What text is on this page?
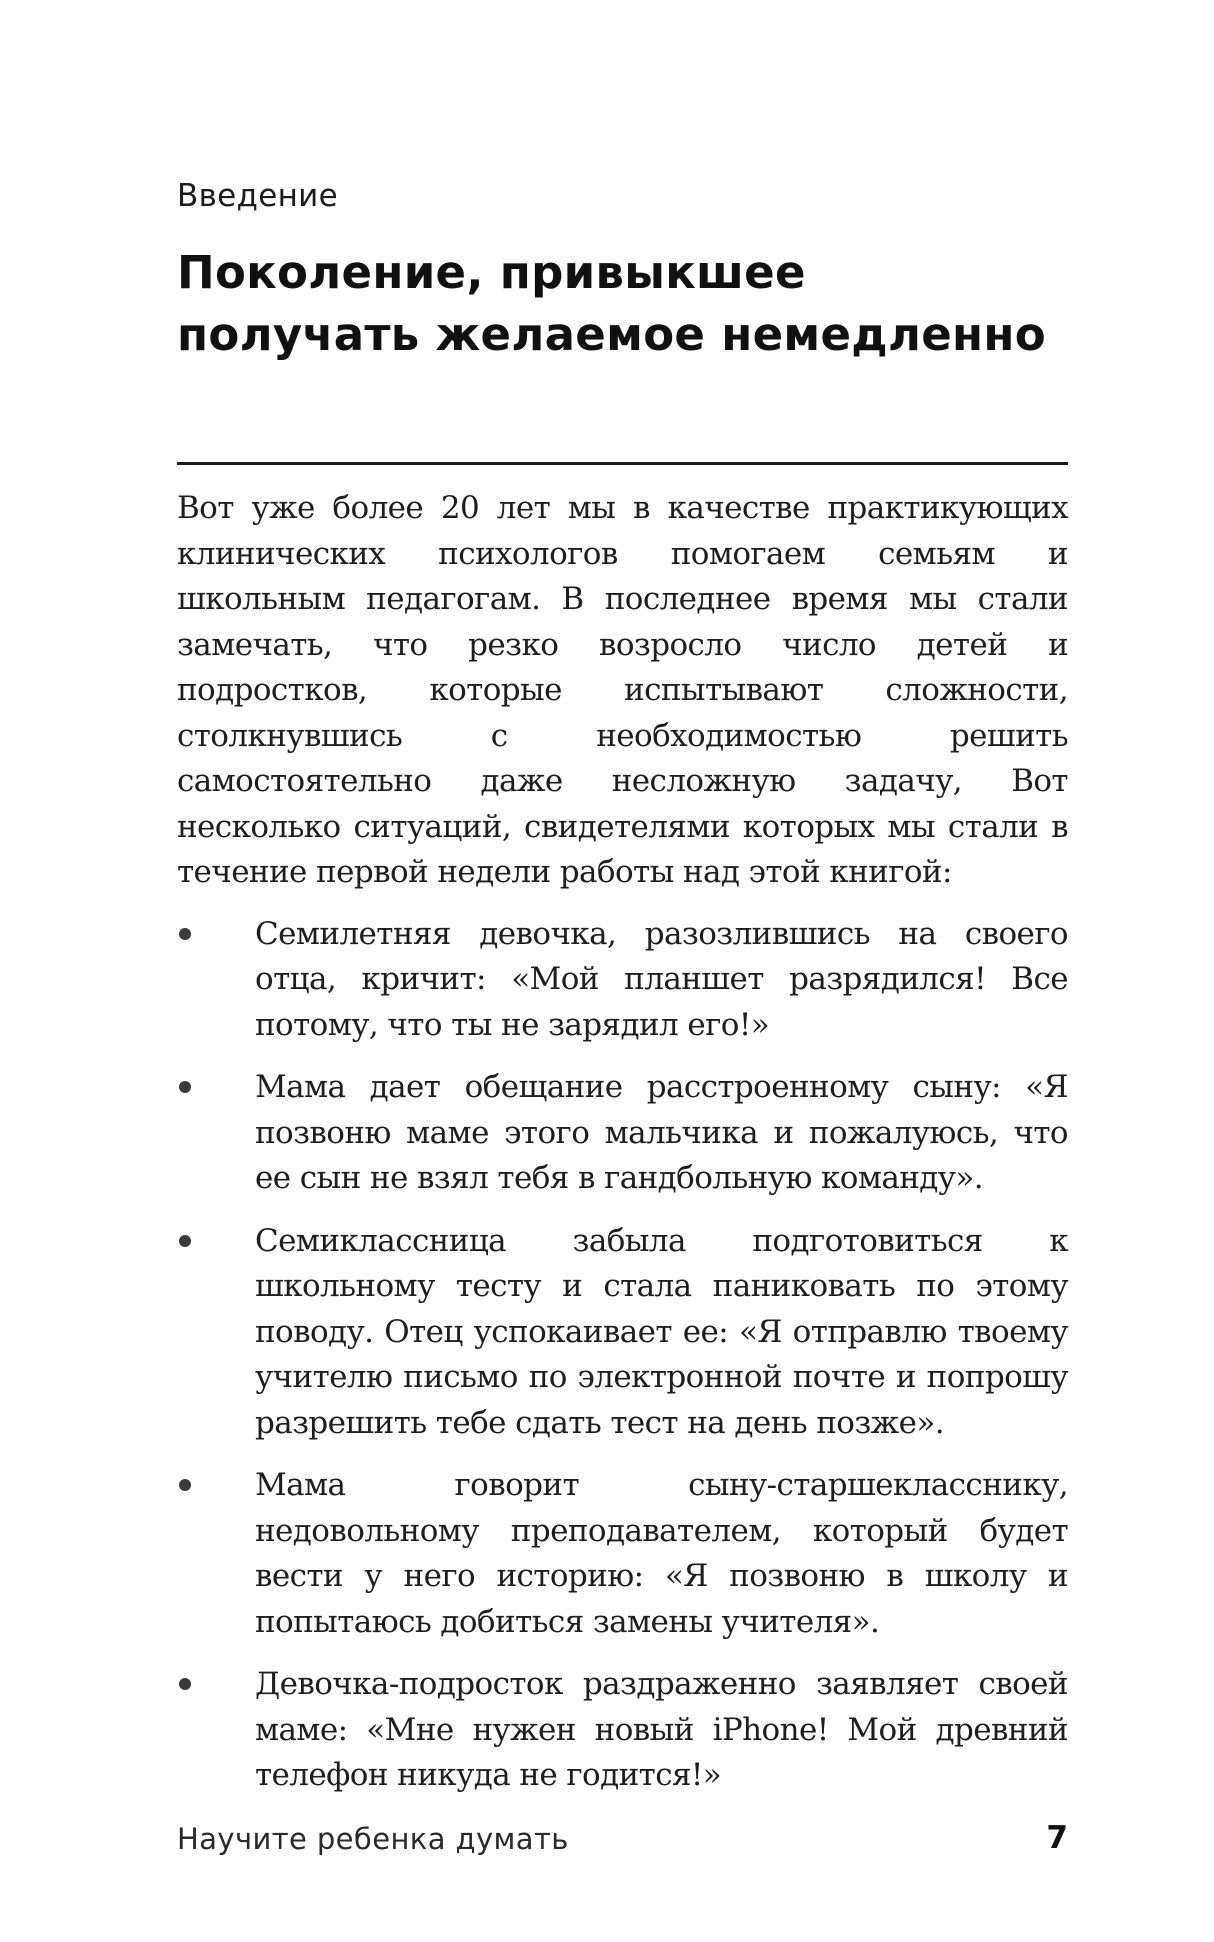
Введение
Поколение, привыкшее
получать желаемое немедленно

Вот уже более 20 лет мы в качестве практикующих клинических психологов помогаем семьям и школьным педагогам. В последнее время мы стали замечать, что резко возросло число детей и подростков, которые испытывают сложности, столкнувшись с необходимостью решить самостоятельно даже несложную задачу, Вот несколько ситуаций, свидетелями которых мы стали в течение первой недели работы над этой книгой:

Семилетняя девочка, разозлившись на своего отца, кричит: «Мой планшет разрядился! Все потому, что ты не зарядил его!»
Мама дает обещание расстроенному сыну: «Я позвоню маме этого мальчика и пожалуюсь, что ее сын не взял тебя в гандбольную команду».
Семиклассница забыла подготовиться к школьному тесту и стала паниковать по этому поводу. Отец успокаивает ее: «Я отправлю твоему учителю письмо по электронной почте и попрошу разрешить тебе сдать тест на день позже».
Мама говорит сыну-старшекласснику, недовольному преподавателем, который будет вести у него историю: «Я позвоню в школу и попытаюсь добиться замены учителя».
Девочка-подросток раздраженно заявляет своей маме: «Мне нужен новый iPhone! Мой древний телефон никуда не годится!»
Научите ребенка думать	7
